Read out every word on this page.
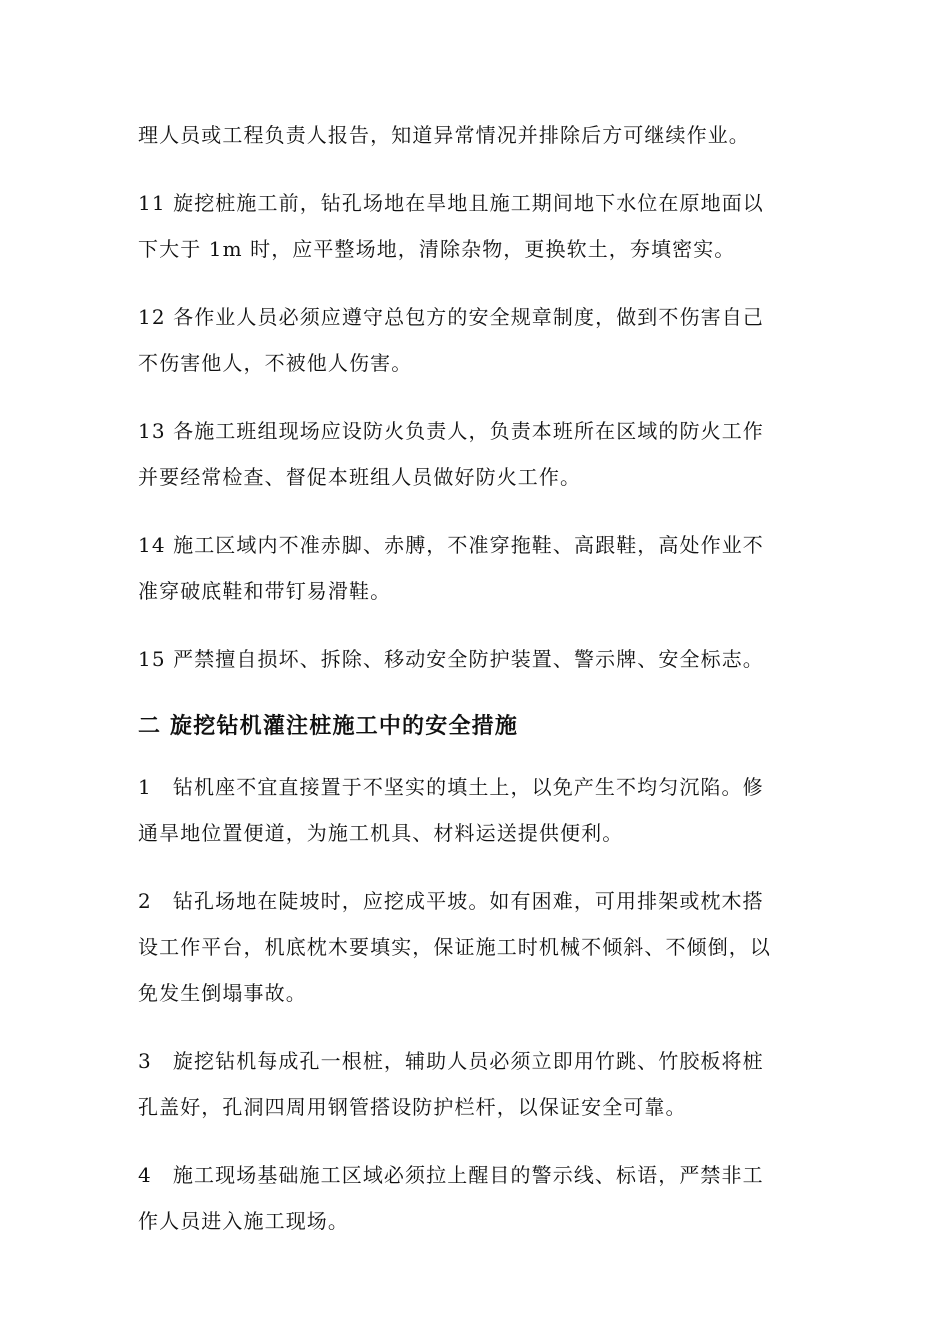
理人员或工程负责人报告，知道异常情况并排除后方可继续作业。

11 旋挖桩施工前，钻孔场地在旱地且施工期间地下水位在原地面以
下大于 1m 时，应平整场地，清除杂物，更换软土，夯填密实。

12 各作业人员必须应遵守总包方的安全规章制度，做到不伤害自己
不伤害他人，不被他人伤害。

13 各施工班组现场应设防火负责人，负责本班所在区域的防火工作
并要经常检查、督促本班组人员做好防火工作。

14 施工区域内不准赤脚、赤膊，不准穿拖鞋、高跟鞋，高处作业不
准穿破底鞋和带钉易滑鞋。

15 严禁擅自损坏、拆除、移动安全防护装置、警示牌、安全标志。

二 旋挖钻机灌注桩施工中的安全措施

1　钻机座不宜直接置于不坚实的填土上，以免产生不均匀沉陷。修
通旱地位置便道，为施工机具、材料运送提供便利。

2　钻孔场地在陡坡时，应挖成平坡。如有困难，可用排架或枕木搭
设工作平台，机底枕木要填实，保证施工时机械不倾斜、不倾倒，以
免发生倒塌事故。

3　旋挖钻机每成孔一根桩，辅助人员必须立即用竹跳、竹胶板将桩
孔盖好，孔洞四周用钢管搭设防护栏杆，以保证安全可靠。

4　施工现场基础施工区域必须拉上醒目的警示线、标语，严禁非工
作人员进入施工现场。
